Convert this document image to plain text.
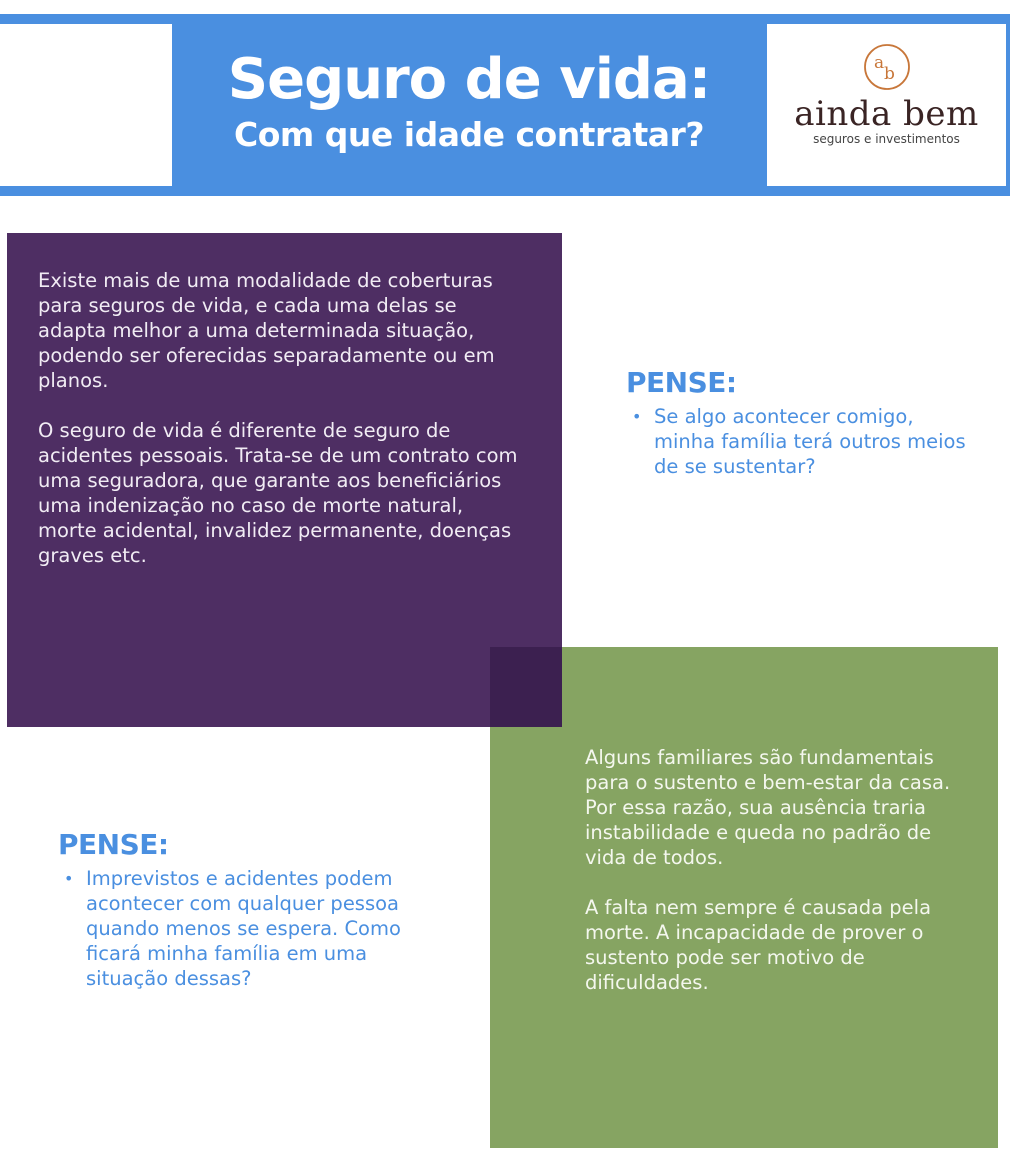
Seguro de vida:
Com que idade contratar?
a
b
ainda bem
seguros e investimentos

Existe mais de uma modalidade de coberturas para seguros de vida, e cada uma delas se adapta melhor a uma determinada situação, podendo ser oferecidas separadamente ou em planos.

O seguro de vida é diferente de seguro de acidentes pessoais. Trata-se de um contrato com uma seguradora, que garante aos beneficiários uma indenização no caso de morte natural, morte acidental, invalidez permanente, doenças graves etc.

PENSE:
• Se algo acontecer comigo, minha família terá outros meios de se sustentar?

Alguns familiares são fundamentais para o sustento e bem-estar da casa. Por essa razão, sua ausência traria instabilidade e queda no padrão de vida de todos.

A falta nem sempre é causada pela morte. A incapacidade de prover o sustento pode ser motivo de dificuldades.

PENSE:
• Imprevistos e acidentes podem acontecer com qualquer pessoa quando menos se espera. Como ficará minha família em uma situação dessas?
